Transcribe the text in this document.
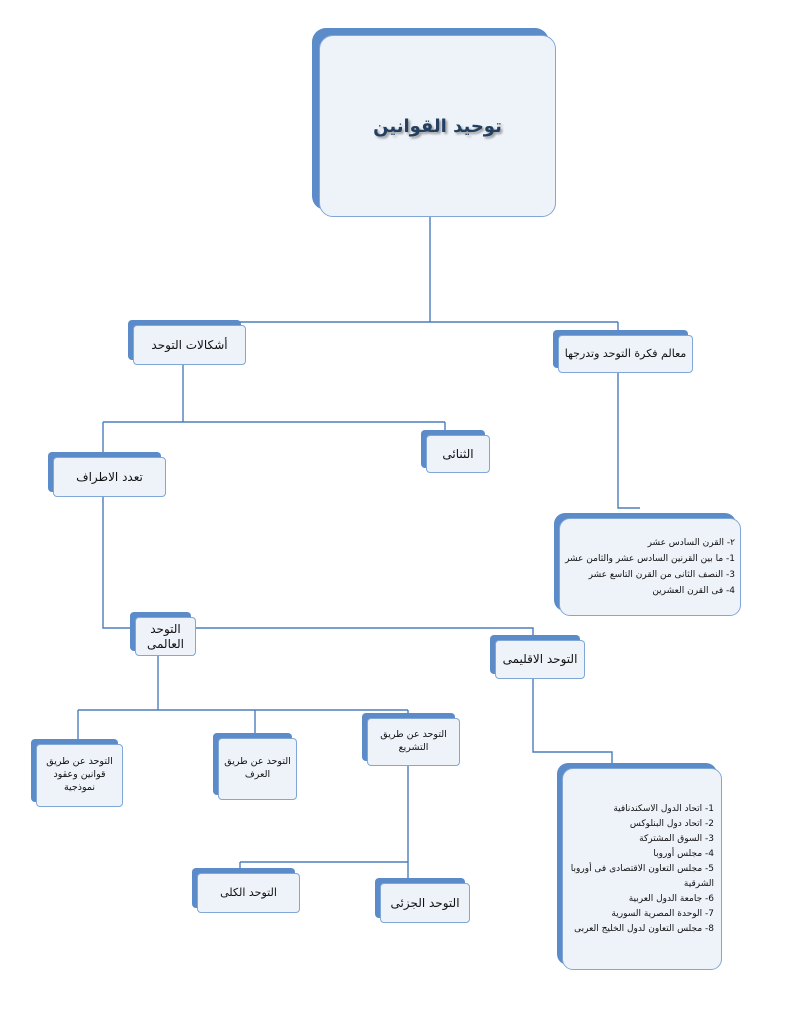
توحيد القوانين
أشكالات التوحد
معالم فكرة التوحد وتدرجها
الثنائى
تعدد الاطراف
٢- القرن السادس عشر
1- ما بين القرنين السادس عشر والثامن عشر
3- النصف الثانى من القرن التاسع عشر
4- فى القرن العشرين
التوحد
العالمى
التوحد الاقليمى
التوحد عن طريق
قوانين وعقود
نموذجية
التوحد عن طريق
العرف
التوحد عن طريق
التشريع
1- اتحاد الدول الاسكندنافية
2- اتحاد دول البنلوكس
3- السوق المشتركة
4- مجلس أوروبا
5- مجلس التعاون الاقتصادى فى أوروبا الشرقية
6- جامعة الدول العربية
7- الوحدة المصرية السورية
8- مجلس التعاون لدول الخليج العربى
التوحد الكلى
التوحد الجزئى
